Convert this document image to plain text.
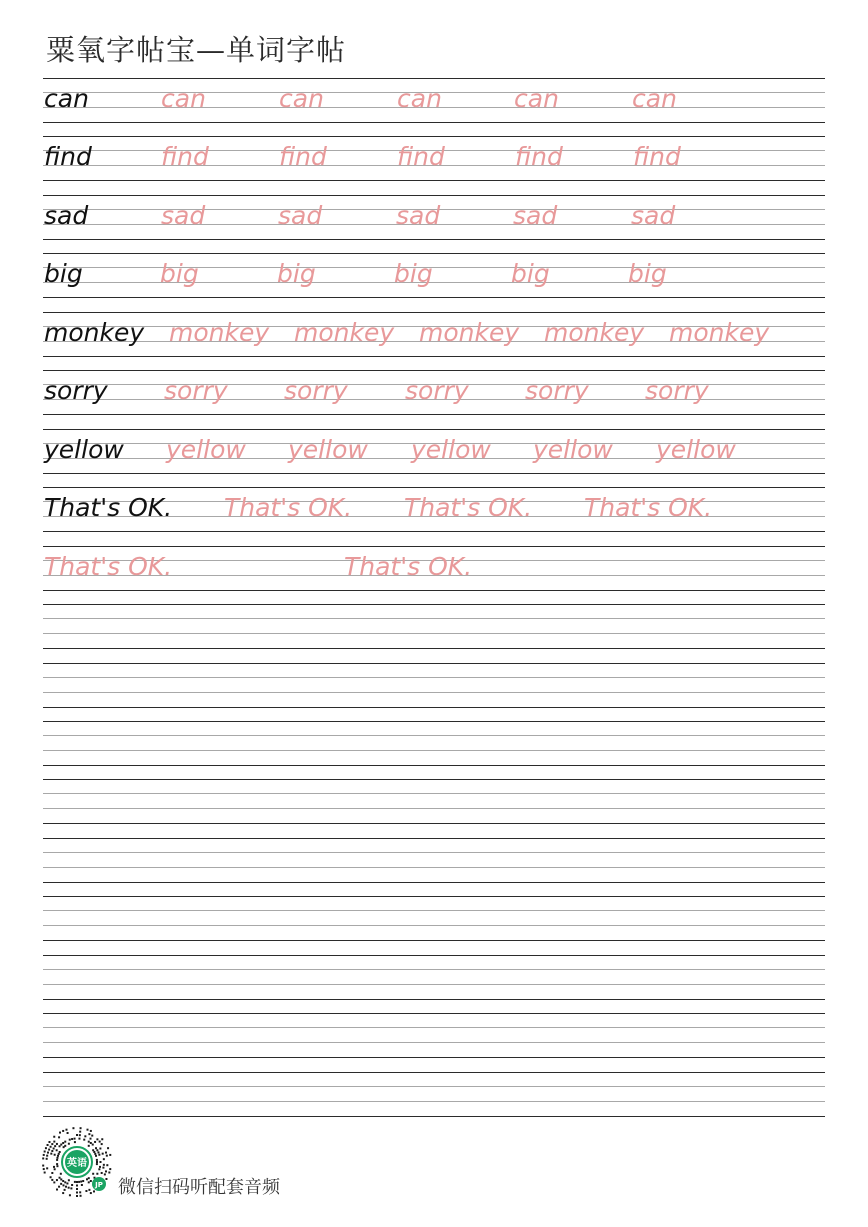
粟氧字帖宝—单词字帖
can	can	can	can	can	can
find	find	find	find	find	find
sad	sad	sad	sad	sad	sad
big	big	big	big	big	big
monkey monkey monkey monkey monkey monkey
sorry sorry sorry sorry sorry sorry
yellow yellow yellow yellow yellow yellow
That's OK. That's OK. That's OK. That's OK.
That's OK.	That's OK.
英语
JP 微信扫码听配套音频
